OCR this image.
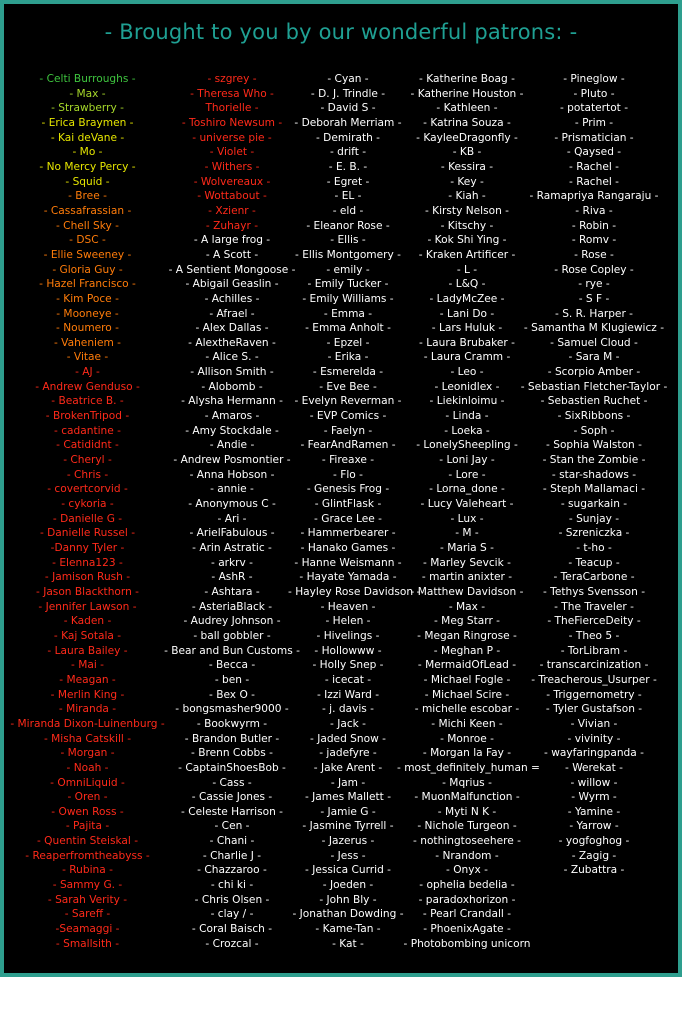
- Brought to you by our wonderful patrons: -
- Celti Burroughs -
- Max -
- Strawberry -
- Erica Braymen -
- Kai deVane -
- Mo -
- No Mercy Percy -
- Squid -
- Bree -
- Cassafrassian -
- Chell Sky -
- DSC -
- Ellie Sweeney -
- Gloria Guy -
- Hazel Francisco -
- Kim Poce -
- Mooneye -
- Noumero -
- Vaheniem -
- Vitae -
- AJ -
- Andrew Genduso -
- Beatrice B. -
- BrokenTripod -
- cadantine -
- Catididnt -
- Cheryl -
- Chris -
- covertcorvid -
- cykoria -
- Danielle G -
- Danielle Russel -
-Danny Tyler -
- Elenna123 -
- Jamison Rush -
- Jason Blackthorn -
- Jennifer Lawson -
- Kaden -
- Kaj Sotala -
- Laura Bailey -
- Mai -
- Meagan -
- Merlin King -
- Miranda -
- Miranda Dixon-Luinenburg -
- Misha Catskill -
- Morgan -
- Noah -
- OmniLiquid -
- Oren -
- Owen Ross -
- Pajita -
- Quentin Steiskal -
- Reaperfromtheabyss -
- Rubina -
- Sammy G. -
- Sarah Verity -
- Sareff -
-Seamaggi -
- Smallsith -
- szgrey -
- Theresa Who -
Thorielle -
- Toshiro Newsum -
- universe pie -
- Violet -
- Withers -
- Wolvereaux -
- Wottabout -
- Xzienr -
- Zuhayr -
- A large frog -
- A Scott -
- A Sentient Mongoose -
- Abigail Geaslin -
- Achilles -
- Afrael -
- Alex Dallas -
- AlextheRaven -
- Alice S. -
- Allison Smith -
- Alobomb -
- Alysha Hermann -
- Amaros -
- Amy Stockdale -
- Andie -
- Andrew Posmontier -
- Anna Hobson -
- annie -
- Anonymous C -
- Ari -
- ArielFabulous -
- Arin Astratic -
- arkrv -
- AshR -
- Ashtara -
- AsteriaBlack -
- Audrey Johnson -
- ball gobbler -
- Bear and Bun Customs -
- Becca -
- ben -
- Bex O -
- bongsmasher9000 -
- Bookwyrm -
- Brandon Butler -
- Brenn Cobbs -
- CaptainShoesBob -
- Cass -
- Cassie Jones -
- Celeste Harrison -
- Cen -
- Chani -
- Charlie J -
- Chazzaroo -
- chi ki -
- Chris Olsen -
- clay / -
- Coral Baisch -
- Crozcal -
- Cyan -
- D. J. Trindle -
- David S -
- Deborah Merriam -
- Demirath -
- drift -
- E. B. -
- Egret -
- EL -
- eld -
- Eleanor Rose -
- Ellis -
- Ellis Montgomery -
- emily -
- Emily Tucker -
- Emily Williams -
- Emma -
- Emma Anholt -
- Epzel -
- Erika -
- Esmerelda -
- Eve Bee -
- Evelyn Reverman -
- EVP Comics -
- Faelyn -
- FearAndRamen -
- Fireaxe -
- Flo -
- Genesis Frog -
- GlintFlask -
- Grace Lee -
- Hammerbearer -
- Hanako Games -
- Hanne Weismann -
- Hayate Yamada -
- Hayley Rose Davidson -
- Heaven -
- Helen -
- Hivelings -
- Hollowww -
- Holly Snep -
- icecat -
- Izzi Ward -
- j. davis -
- Jack -
- Jaded Snow -
- jadefyre -
- Jake Arent -
- Jam -
- James Mallett -
- Jamie G -
- Jasmine Tyrrell -
- Jazerus -
- Jess -
- Jessica Currid -
- Joeden -
- John Bly -
- Jonathan Dowding -
- Kame-Tan -
- Kat -
- Katherine Boag -
- Katherine Houston -
- Kathleen -
- Katrina Souza -
- KayleeDragonfly -
- KB -
- Kessira -
- Key -
- Kiah -
- Kirsty Nelson -
- Kitschy -
- Kok Shi Ying -
- Kraken Artificer -
- L -
- L&Q -
- LadyMcZee -
- Lani Do -
- Lars Huluk -
- Laura Brubaker -
- Laura Cramm -
- Leo -
- Leonidlex -
- Liekinloimu -
- Linda -
- Loeka -
- LonelySheepling -
- Loni Jay -
- Lore -
- Lorna_done -
- Lucy Valeheart -
- Lux -
- M -
- Maria S -
- Marley Sevcik -
- martin anixter -
- Matthew Davidson -
- Max -
- Meg Starr -
- Megan Ringrose -
- Meghan P -
- MermaidOfLead -
- Michael Fogle -
- Michael Scire -
- michelle escobar -
- Michi Keen -
- Monroe -
- Morgan la Fay -
- most_definitely_human =
- Mqrius -
- MuonMalfunction -
- Myti N K -
- Nichole Turgeon -
- nothingtoseehere -
- Nrandom -
- Onyx -
- ophelia bedelia -
- paradoxhorizon -
- Pearl Crandall -
- PhoenixAgate -
- Photobombing unicorn
- Pineglow -
- Pluto -
- potatertot -
- Prim -
- Prismatician -
- Qaysed -
- Rachel -
- Rachel -
- Ramapriya Rangaraju -
- Riva -
- Robin -
- Romv -
- Rose -
- Rose Copley -
- rye -
- S F -
- S. R. Harper -
- Samantha M Klugiewicz -
- Samuel Cloud -
- Sara M -
- Scorpio Amber -
- Sebastian Fletcher-Taylor -
- Sebastien Ruchet -
- SixRibbons -
- Soph -
- Sophia Walston -
- Stan the Zombie -
- star-shadows -
- Steph Mallamaci -
- sugarkain -
- Sunjay -
- Szreniczka -
- t-ho -
- Teacup -
- TeraCarbone -
- Tethys Svensson -
- The Traveler -
- TheFierceDeity -
- Theo 5 -
- TorLibram -
- transcarcinization -
- Treacherous_Usurper -
- Triggernometry -
- Tyler Gustafson -
- Vivian -
- vivinity -
- wayfaringpanda -
- Werekat -
- willow -
- Wyrm -
- Yamine -
- Yarrow -
- yogfoghog -
- Zagig -
- Zubattra -
